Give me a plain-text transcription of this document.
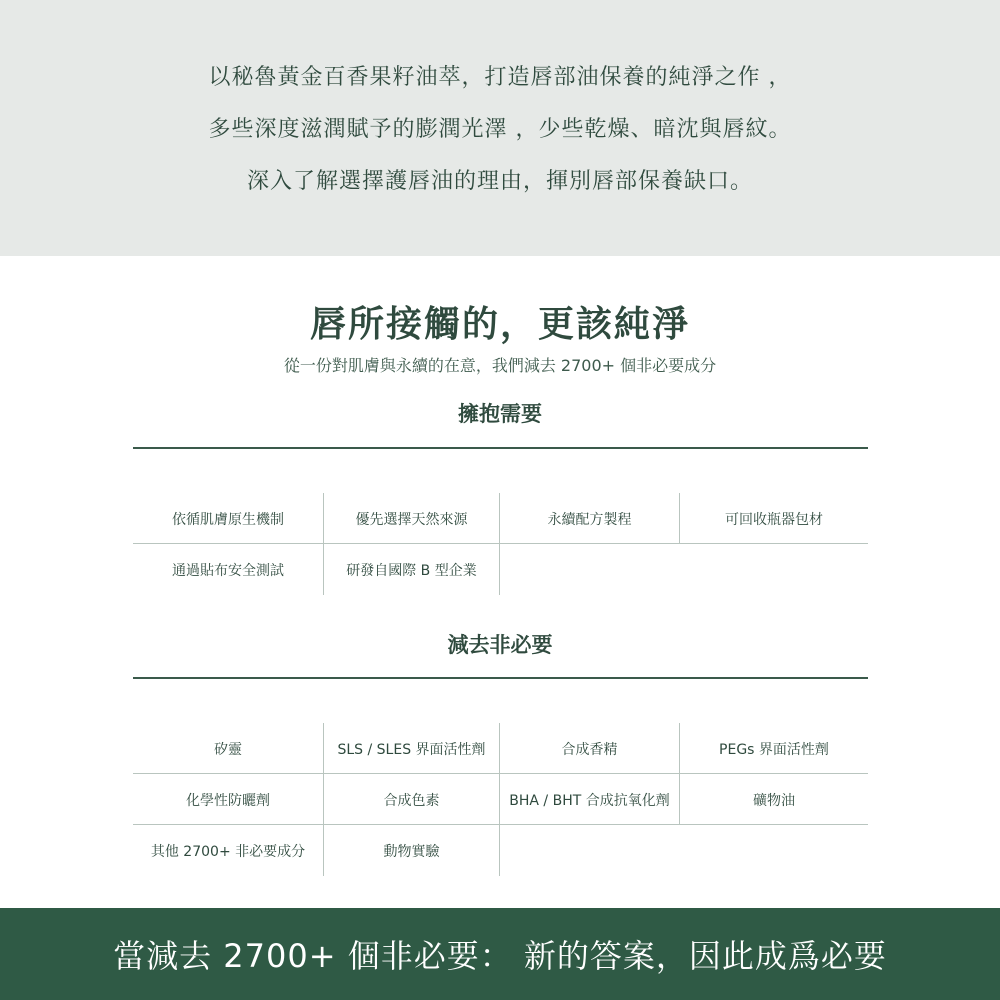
以秘魯黃金百香果籽油萃，打造唇部油保養的純淨之作 ，

多些深度滋潤賦予的膨潤光澤 ，少些乾燥、暗沈與唇紋。

深入了解選擇護唇油的理由，揮別唇部保養缺口。

唇所接觸的，更該純淨

從一份對肌膚與永續的在意，我們減去 2700+ 個非必要成分

擁抱需要
依循肌膚原生機制	優先選擇天然來源	永續配方製程	可回收瓶器包材
通過貼布安全測試	研發自國際 B 型企業
減去非必要
矽靈	SLS / SLES 界面活性劑	合成香精	PEGs 界面活性劑
化學性防曬劑	合成色素	BHA / BHT 合成抗氧化劑	礦物油
其他 2700+ 非必要成分	動物實驗

當減去 2700+ 個非必要： 新的答案，因此成爲必要
